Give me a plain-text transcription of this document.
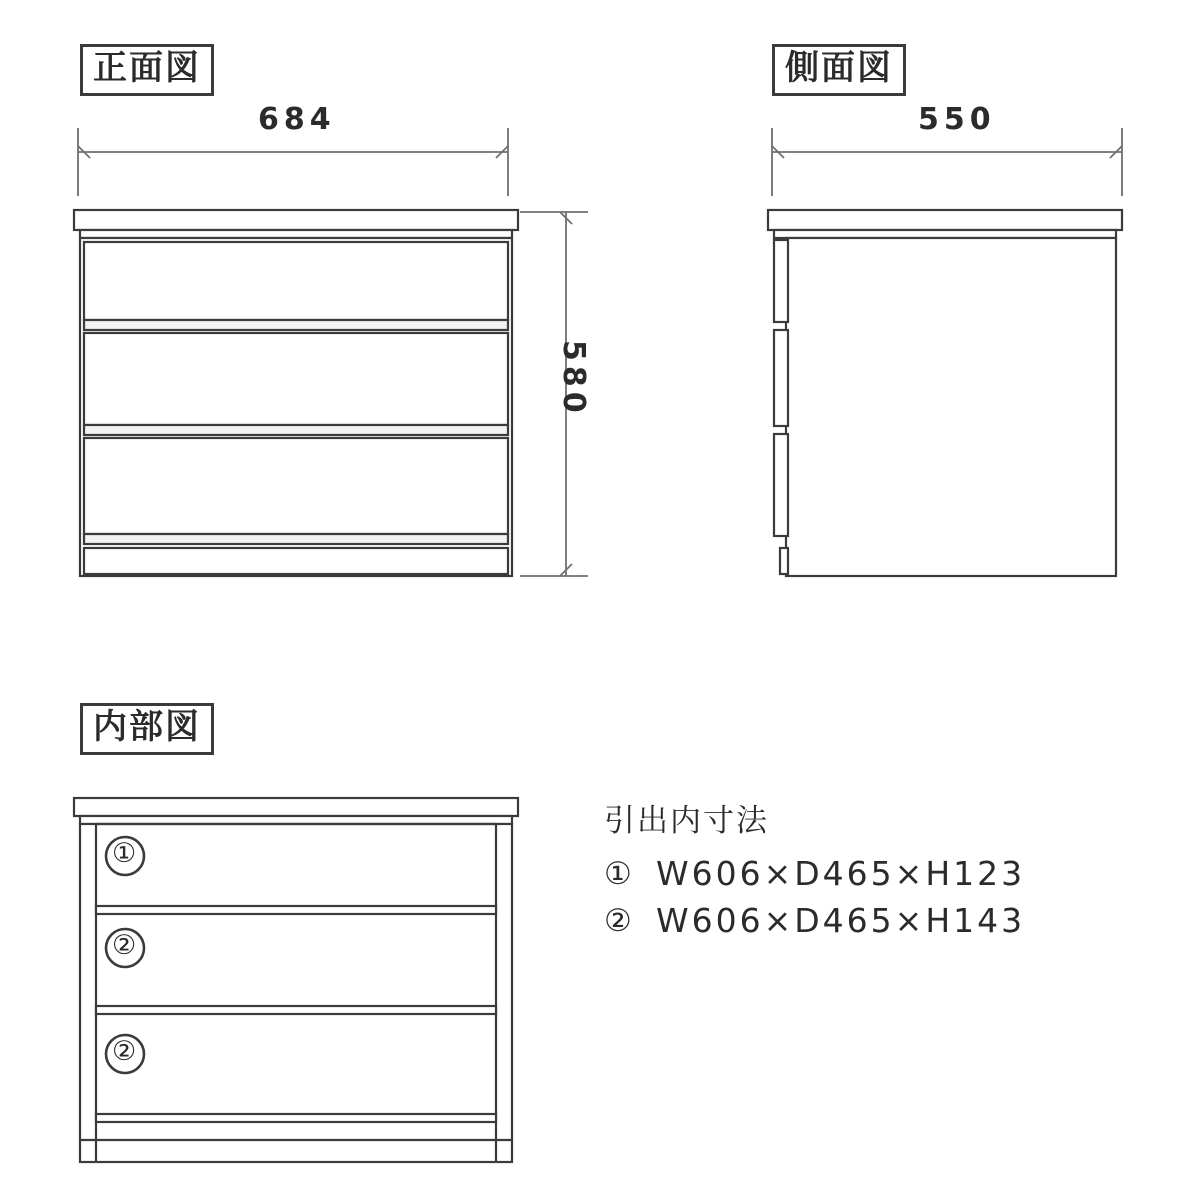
①
②
②
正面図	側面図
内部図
684
580
550
引出内寸法
① W606×D465×H123
② W606×D465×H143
